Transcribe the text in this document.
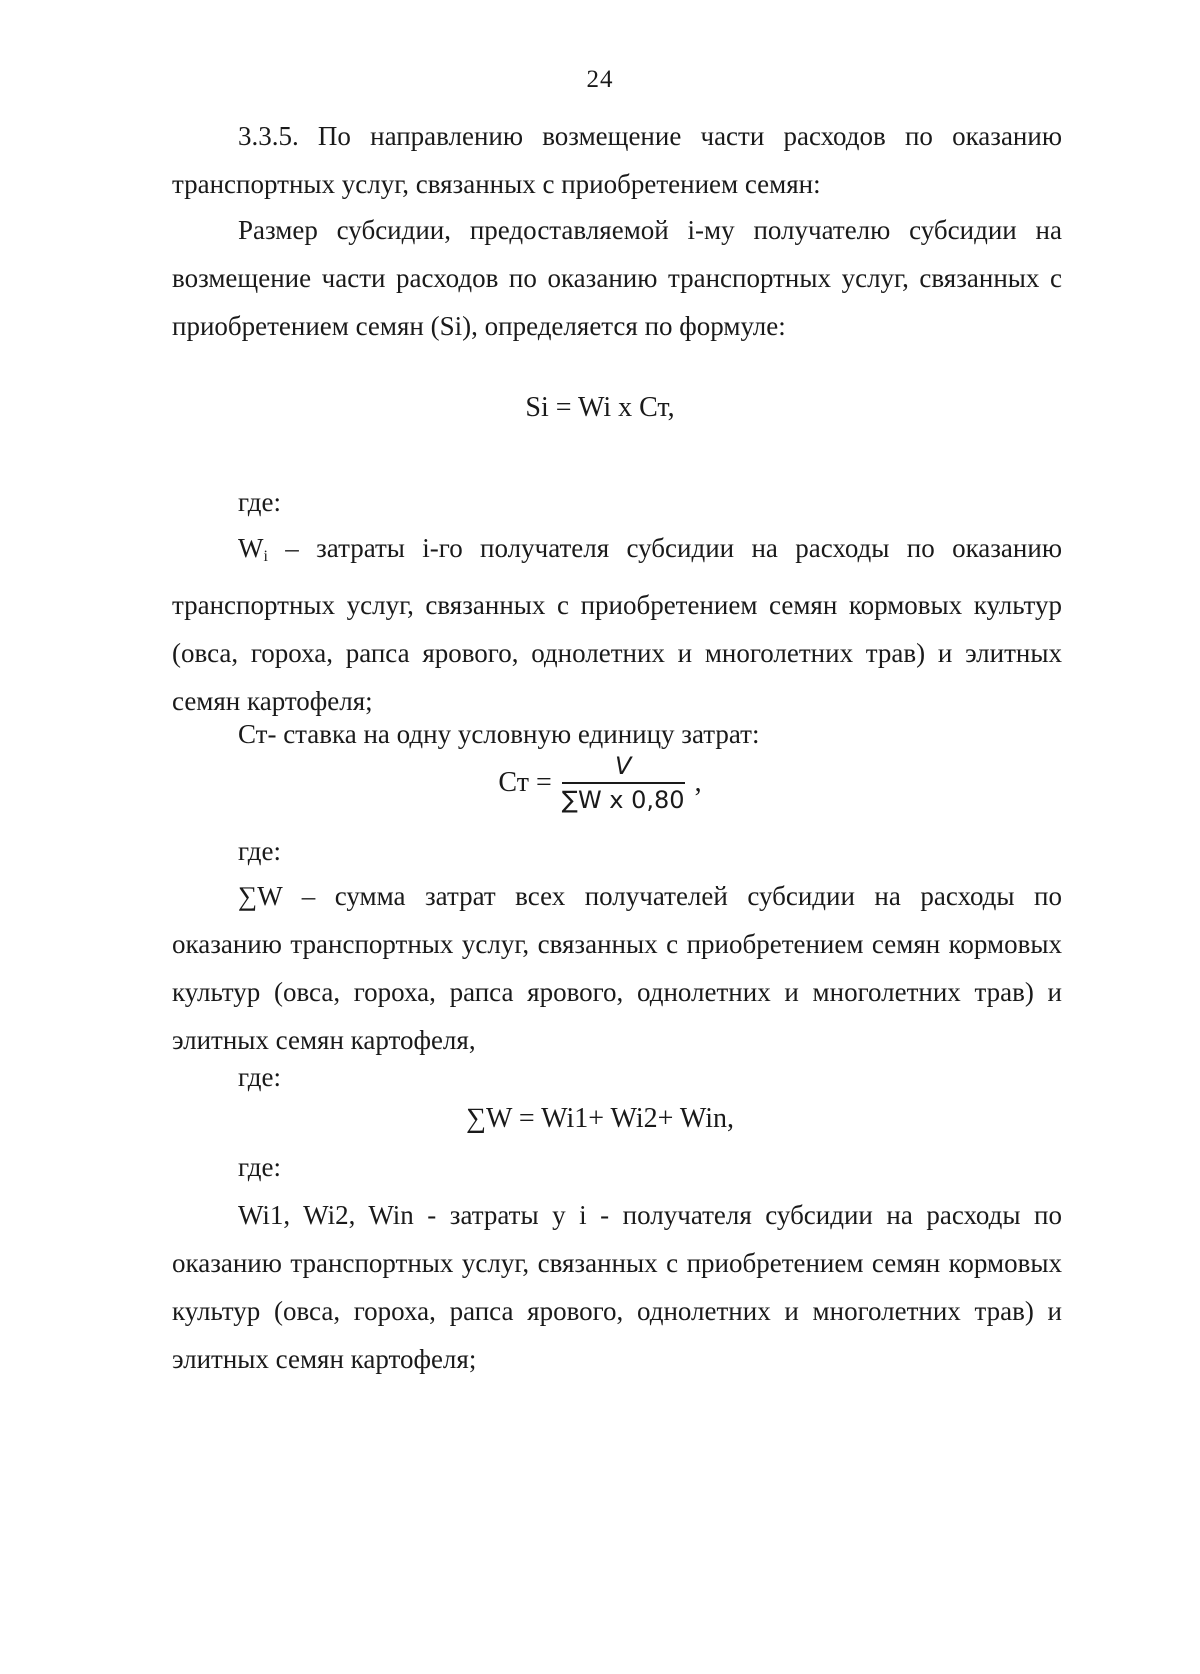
24

3.3.5. По направлению возмещение части расходов по оказанию транспортных услуг, связанных с приобретением семян:

Размер субсидии, предоставляемой i-му получателю субсидии на возмещение части расходов по оказанию транспортных услуг, связанных с приобретением семян (Si), определяется по формуле:

Si = Wi x Ст,
где:

$W_i$ – затраты i-го получателя субсидии на расходы по оказанию транспортных услуг, связанных с приобретением семян кормовых культур (овса, гороха, рапса ярового, однолетних и многолетних трав) и элитных семян картофеля;

Ст- ставка на одну условную единицу затрат:

Ст = $\frac{V}{\text{∑W x 0,80}}$ ,
где:

∑W – сумма затрат всех получателей субсидии на расходы по оказанию транспортных услуг, связанных с приобретением семян кормовых культур (овса, гороха, рапса ярового, однолетних и многолетних трав) и элитных семян картофеля,

где:
∑W = Wi1+ Wi2+ Win,
где:

Wi1, Wi2, Win - затраты у i - получателя субсидии на расходы по оказанию транспортных услуг, связанных с приобретением семян кормовых культур (овса, гороха, рапса ярового, однолетних и многолетних трав) и элитных семян картофеля;
